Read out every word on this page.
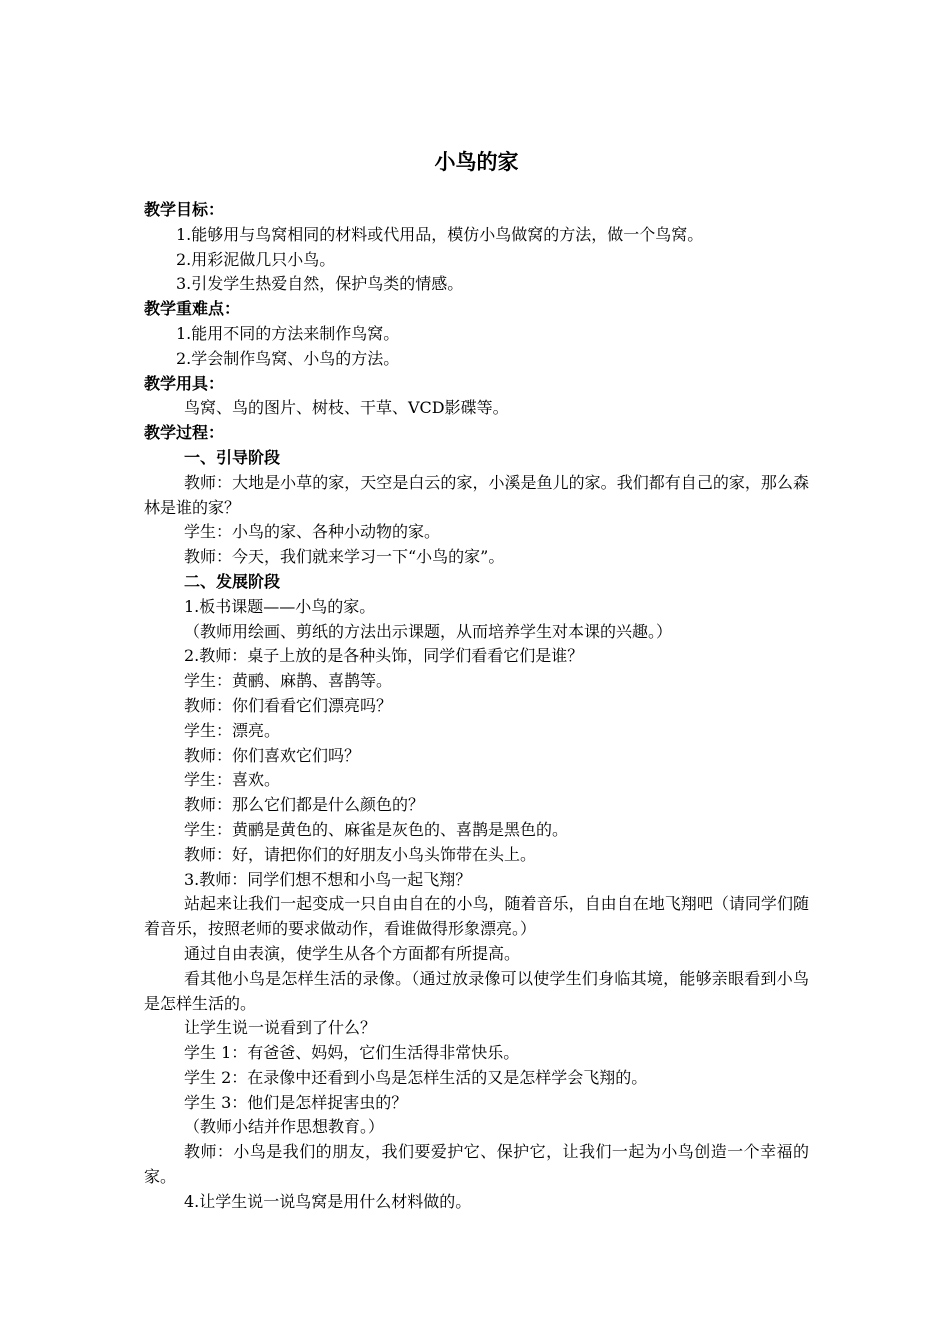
小鸟的家
教学目标：
1.能够用与鸟窝相同的材料或代用品，模仿小鸟做窝的方法，做一个鸟窝。
2.用彩泥做几只小鸟。
3.引发学生热爱自然，保护鸟类的情感。
教学重难点：
1.能用不同的方法来制作鸟窝。
2.学会制作鸟窝、小鸟的方法。
教学用具：
鸟窝、鸟的图片、树枝、干草、VCD影碟等。
教学过程：
一、引导阶段
教师：大地是小草的家，天空是白云的家，小溪是鱼儿的家。我们都有自己的家，那么森林是谁的家？
学生：小鸟的家、各种小动物的家。
教师：今天，我们就来学习一下“小鸟的家”。
二、发展阶段
1.板书课题——小鸟的家。
（教师用绘画、剪纸的方法出示课题，从而培养学生对本课的兴趣。）
2.教师：桌子上放的是各种头饰，同学们看看它们是谁？
学生：黄鹂、麻鹊、喜鹊等。
教师：你们看看它们漂亮吗？
学生：漂亮。
教师：你们喜欢它们吗？
学生：喜欢。
教师：那么它们都是什么颜色的？
学生：黄鹂是黄色的、麻雀是灰色的、喜鹊是黑色的。
教师：好，请把你们的好朋友小鸟头饰带在头上。
3.教师：同学们想不想和小鸟一起飞翔？
站起来让我们一起变成一只自由自在的小鸟，随着音乐，自由自在地飞翔吧（请同学们随着音乐，按照老师的要求做动作，看谁做得形象漂亮。）
通过自由表演，使学生从各个方面都有所提高。
看其他小鸟是怎样生活的录像。（通过放录像可以使学生们身临其境，能够亲眼看到小鸟是怎样生活的。
让学生说一说看到了什么？
学生 1：有爸爸、妈妈，它们生活得非常快乐。
学生 2：在录像中还看到小鸟是怎样生活的又是怎样学会飞翔的。
学生 3：他们是怎样捉害虫的？
（教师小结并作思想教育。）
教师：小鸟是我们的朋友，我们要爱护它、保护它，让我们一起为小鸟创造一个幸福的家。
4.让学生说一说鸟窝是用什么材料做的。
